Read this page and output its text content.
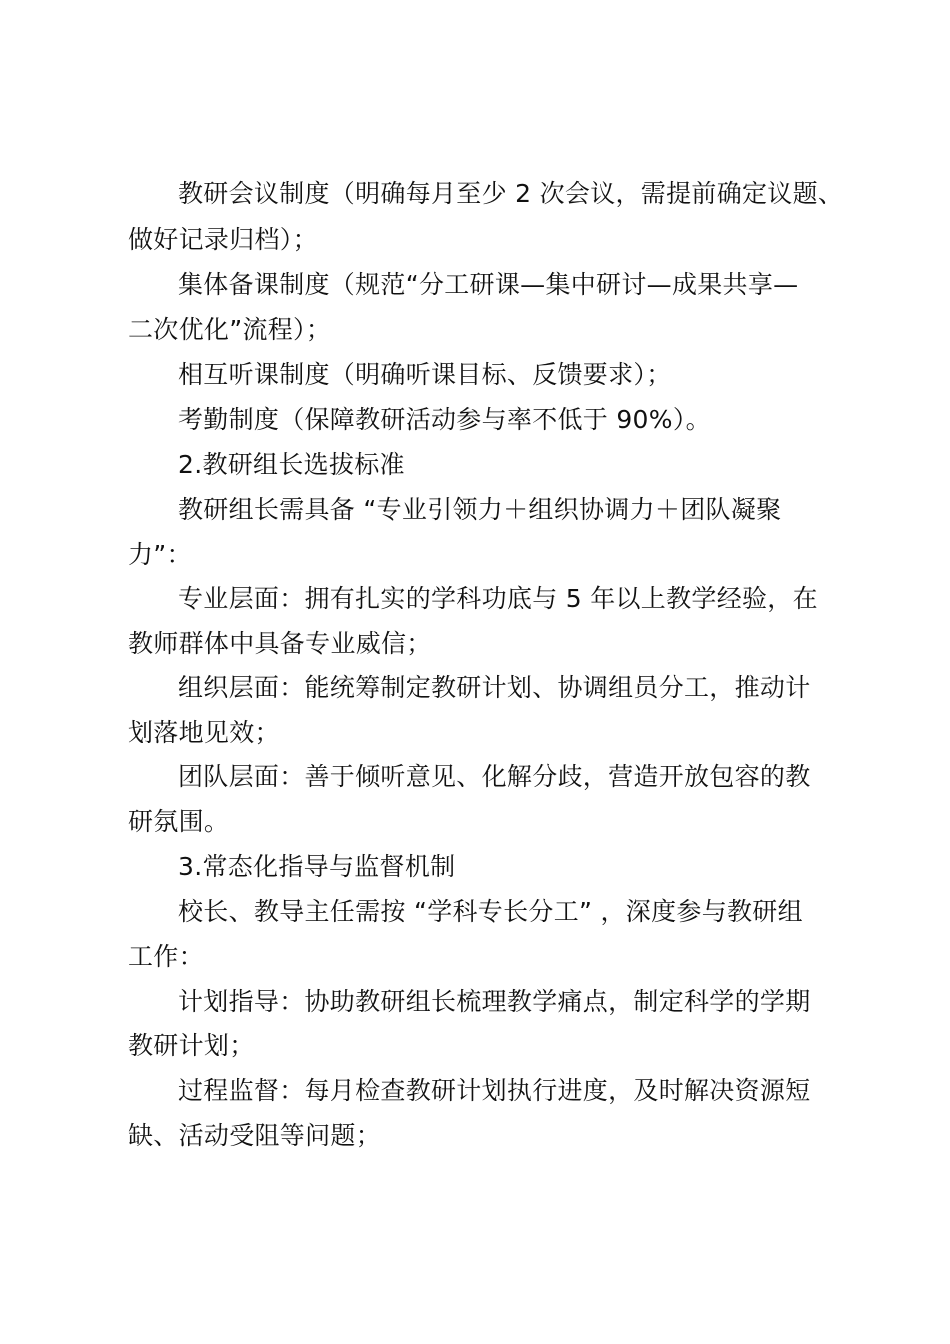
教研会议制度（明确每月至少 2 次会议，需提前确定议题、
做好记录归档）；
集体备课制度（规范“分工研课—集中研讨—成果共享—
二次优化”流程）；
相互听课制度（明确听课目标、反馈要求）；
考勤制度（保障教研活动参与率不低于 90%）。
2.教研组长选拔标准
教研组长需具备 “专业引领力＋组织协调力＋团队凝聚
力”：
专业层面：拥有扎实的学科功底与 5 年以上教学经验，在
教师群体中具备专业威信；
组织层面：能统筹制定教研计划、协调组员分工，推动计
划落地见效；
团队层面：善于倾听意见、化解分歧，营造开放包容的教
研氛围。
3.常态化指导与监督机制
校长、教导主任需按 “学科专长分工” ，深度参与教研组
工作：
计划指导：协助教研组长梳理教学痛点，制定科学的学期
教研计划；
过程监督：每月检查教研计划执行进度，及时解决资源短
缺、活动受阻等问题；
